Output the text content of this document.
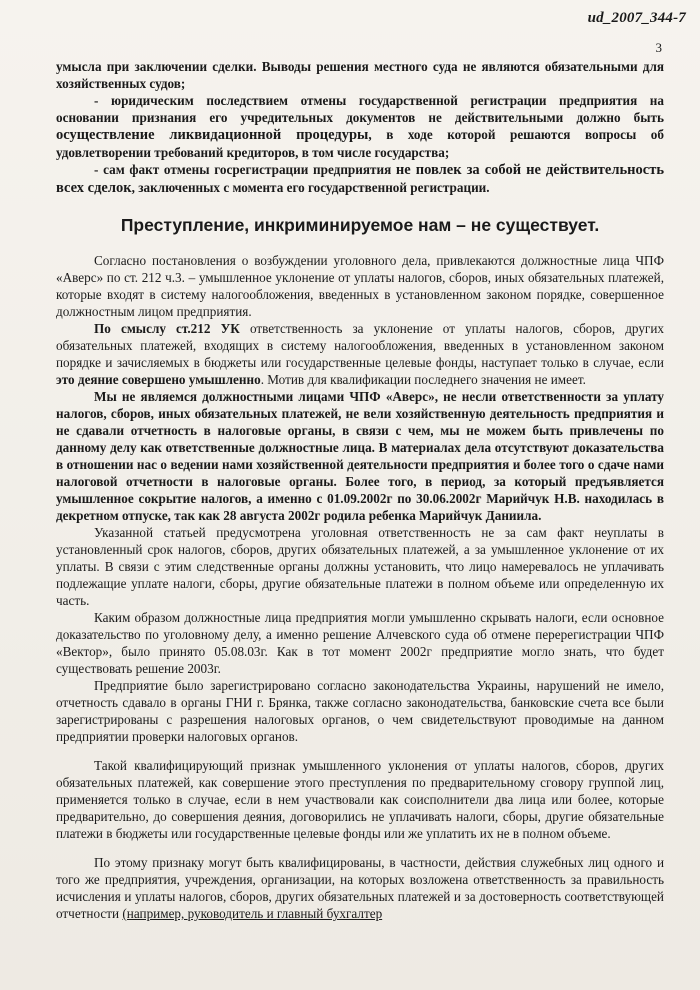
ud_2007_344-7
3

умысла при заключении сделки. Выводы решения местного суда не являются обязательными для хозяйственных судов;

- юридическим последствием отмены государственной регистрации предприятия на основании признания его учредительных документов не действительными должно быть осуществление ликвидационной процедуры, в ходе которой решаются вопросы об удовлетворении требований кредиторов, в том числе государства;

- сам факт отмены госрегистрации предприятия не повлек за собой не действительность всех сделок, заключенных с момента его государственной регистрации.

Преступление, инкриминируемое нам – не существует.

Согласно постановления о возбуждении уголовного дела, привлекаются должностные лица ЧПФ «Аверс» по ст. 212 ч.3. – умышленное уклонение от уплаты налогов, сборов, иных обязательных платежей, которые входят в систему налогообложения, введенных в установленном законом порядке, совершенное должностным лицом предприятия.

По смыслу ст.212 УК ответственность за уклонение от уплаты налогов, сборов, других обязательных платежей, входящих в систему налогообложения, введенных в установленном законом порядке и зачисляемых в бюджеты или государственные целевые фонды, наступает только в случае, если это деяние совершено умышленно. Мотив для квалификации последнего значения не имеет.

Мы не являемся должностными лицами ЧПФ «Аверс», не несли ответственности за уплату налогов, сборов, иных обязательных платежей, не вели хозяйственную деятельность предприятия и не сдавали отчетность в налоговые органы, в связи с чем, мы не можем быть привлечены по данному делу как ответственные должностные лица. В материалах дела отсутствуют доказательства в отношении нас о ведении нами хозяйственной деятельности предприятия и более того о сдаче нами налоговой отчетности в налоговые органы. Более того, в период, за который предъявляется умышленное сокрытие налогов, а именно с 01.09.2002г по 30.06.2002г Марийчук Н.В. находилась в декретном отпуске, так как 28 августа 2002г родила ребенка Марийчук Даниила.

Указанной статьей предусмотрена уголовная ответственность не за сам факт неуплаты в установленный срок налогов, сборов, других обязательных платежей, а за умышленное уклонение от их уплаты. В связи с этим следственные органы должны установить, что лицо намеревалось не уплачивать подлежащие уплате налоги, сборы, другие обязательные платежи в полном объеме или определенную их часть.

Каким образом должностные лица предприятия могли умышленно скрывать налоги, если основное доказательство по уголовному делу, а именно решение Алчевского суда об отмене перерегистрации ЧПФ «Вектор», было принято 05.08.03г. Как в тот момент 2002г предприятие могло знать, что будет существовать решение 2003г.

Предприятие было зарегистрировано согласно законодательства Украины, нарушений не имело, отчетность сдавало в органы ГНИ г. Брянка, также согласно законодательства, банковские счета все были зарегистрированы с разрешения налоговых органов, о чем свидетельствуют проводимые на данном предприятии проверки налоговых органов.

Такой квалифицирующий признак умышленного уклонения от уплаты налогов, сборов, других обязательных платежей, как совершение этого преступления по предварительному сговору группой лиц, применяется только в случае, если в нем участвовали как соисполнители два лица или более, которые предварительно, до совершения деяния, договорились не уплачивать налоги, сборы, другие обязательные платежи в бюджеты или государственные целевые фонды или же уплатить их не в полном объеме.

По этому признаку могут быть квалифицированы, в частности, действия служебных лиц одного и того же предприятия, учреждения, организации, на которых возложена ответственность за правильность исчисления и уплаты налогов, сборов, других обязательных платежей и за достоверность соответствующей отчетности (например, руководитель и главный бухгалтер
